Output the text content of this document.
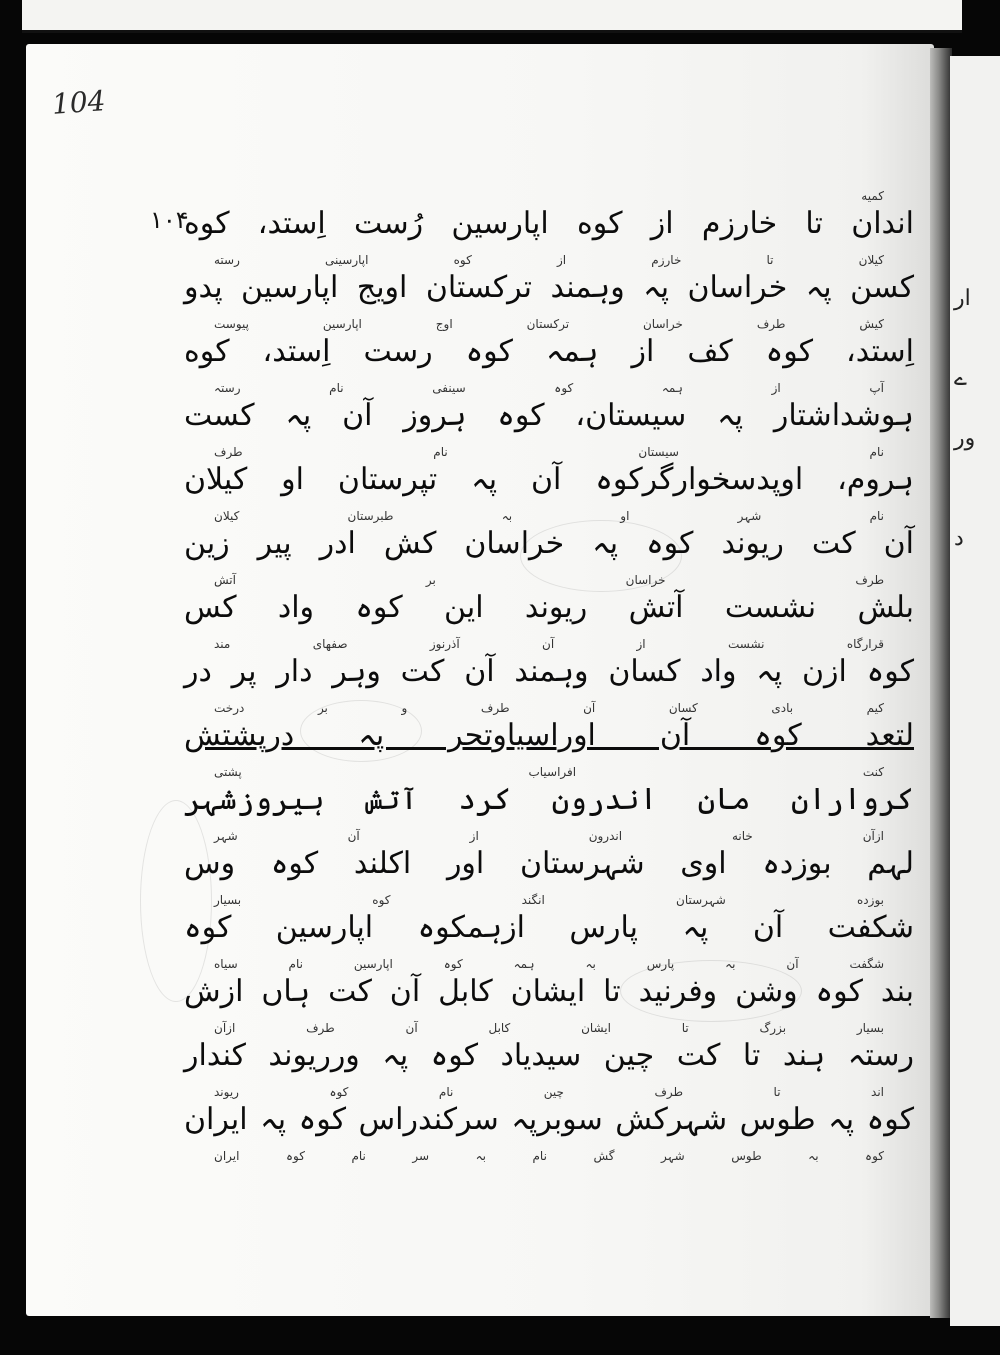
ار
ے
ور
د
104
١٠۴
کمیه
اندان تا خارزم از کوه اپارسین رُست اِستد، کوه
کیلان تا خارزم از کوه اپارسینی رسته
کسن پہ خراسان پہ وہمند ترکستان اویج اپارسین پدو
کیش طرف خراسان ترکستان اوج اپارسین پیوست
اِستد، کوہ کف از ہمہ کوہ رست اِستد، کوه
آپ از ہمہ کوہ سینفی نام رستہ
ہوشداشتار پہ سیستان، کوہ ہروز آن پہ کست
نام سیستان نام طرف
ہروم، اوپدسخوارگرکوہ آن پہ تپرستان او کیلان
نام شہر او بہ طبرستان کیلان
آن کت ریوند کوہ پہ خراسان کش ادر پیر زین
طرف خراسان بر آتش
بلش نشست آتش ریوند این کوہ واد کس
قرارگاه نشست از آن آذرنوز صفهای مند
کوہ ازن پہ واد کسان وہمند آن کت وہر دار پر در
کیم بادی کسان آن طرف و بر درخت
لتعد کوہ آن اوراسیاوتحر پہ درپشتش
کنت افراسیاب پشتی
کرواران مان اندرون کرد آتش ہیروزشہر
ازآن خانه اندرون از آن شہر
لہم بوزدہ اوی شہرستان اور اکلند کوہ وس
بوزده شہرستان انگند کوه بسیار
شکفت آن پہ پارس ازہمکوہ اپارسین کوہ
شگفت آن بہ پارس بہ ہمہ کوہ اپارسین نام سیاه
بند کوہ وشن وفرنید تا ایشان کابل آن کت ہاں ازش
بسیار بزرگ تا ایشان کابل آن طرف ازآن
رستہ ہند تا کت چین سیدیاد کوہ پہ ورریوند کندار
اند تا طرف چین نام کوہ ریوند
کوہ پہ طوس شہرکش سوبرپہ سرکندراس کوہ پہ ایران
کوہ بہ طوس شہر گش نام بہ سر نام کوہ ایران
